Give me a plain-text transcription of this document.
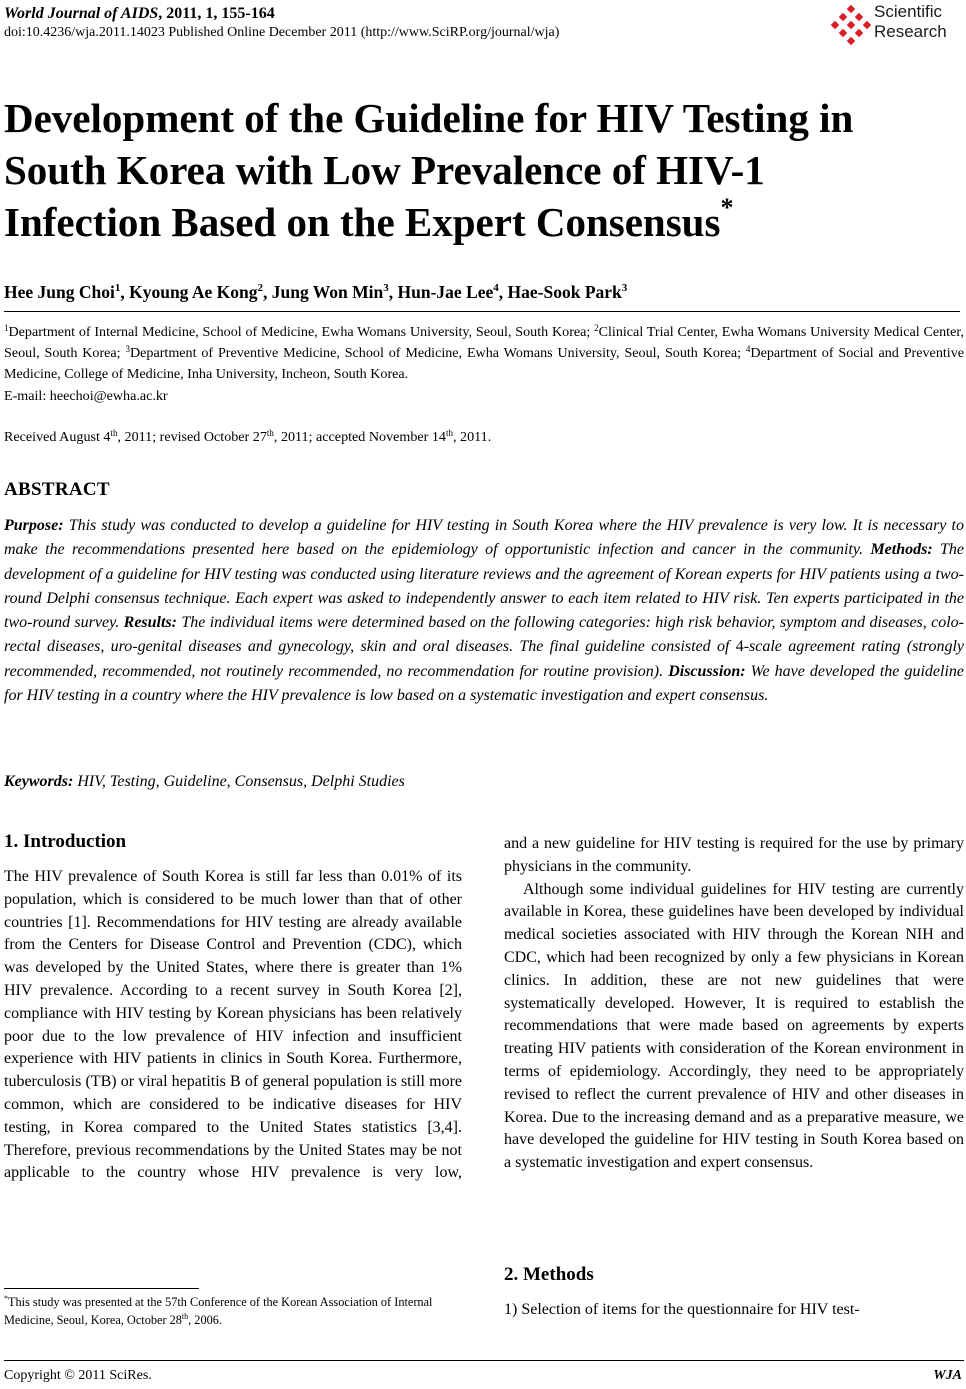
World Journal of AIDS, 2011, 1, 155-164
doi:10.4236/wja.2011.14023 Published Online December 2011 (http://www.SciRP.org/journal/wja)
Scientific
Research
Development of the Guideline for HIV Testing in
South Korea with Low Prevalence of HIV-1
Infection Based on the Expert Consensus*
Hee Jung Choi$^1$, Kyoung Ae Kong$^2$, Jung Won Min$^3$, Hun-Jae Lee$^4$, Hae-Sook Park$^3$
$^1$Department of Internal Medicine, School of Medicine, Ewha Womans University, Seoul, South Korea; $^2$Clinical Trial Center, Ewha Womans University Medical Center, Seoul, South Korea; $^3$Department of Preventive Medicine, School of Medicine, Ewha Womans University, Seoul, South Korea; $^4$Department of Social and Preventive Medicine, College of Medicine, Inha University, Incheon, South Korea.
E-mail: heechoi@ewha.ac.kr
Received August 4th, 2011; revised October 27th, 2011; accepted November 14th, 2011.
ABSTRACT
Purpose: This study was conducted to develop a guideline for HIV testing in South Korea where the HIV prevalence is very low. It is necessary to make the recommendations presented here based on the epidemiology of opportunistic infection and cancer in the community. Methods: The development of a guideline for HIV testing was conducted using literature reviews and the agreement of Korean experts for HIV patients using a two-round Delphi consensus technique. Each expert was asked to independently answer to each item related to HIV risk. Ten experts participated in the two-round survey. Results: The individual items were determined based on the following categories: high risk behavior, symptom and diseases, colo-rectal diseases, uro-genital diseases and gynecology, skin and oral diseases. The final guideline consisted of 4-scale agreement rating (strongly recommended, recommended, not routinely recommended, no recommendation for routine provision). Discussion: We have developed the guideline for HIV testing in a country where the HIV prevalence is low based on a systematic investigation and expert consensus.
Keywords: HIV, Testing, Guideline, Consensus, Delphi Studies
1. Introduction

The HIV prevalence of South Korea is still far less than 0.01% of its population, which is considered to be much lower than that of other countries [1]. Recommendations for HIV testing are already available from the Centers for Disease Control and Prevention (CDC), which was developed by the United States, where there is greater than 1% HIV prevalence. According to a recent survey in South Korea [2], compliance with HIV testing by Korean physicians has been relatively poor due to the low prevalence of HIV infection and insufficient experience with HIV patients in clinics in South Korea. Furthermore, tuberculosis (TB) or viral hepatitis B of general population is still more common, which are considered to be indicative diseases for HIV testing, in Korea compared to the United States statistics [3,4]. Therefore, previous recommendations by the United States may be not applicable to the country whose HIV prevalence is very low,

and a new guideline for HIV testing is required for the use by primary physicians in the community.

Although some individual guidelines for HIV testing are currently available in Korea, these guidelines have been developed by individual medical societies associated with HIV through the Korean NIH and CDC, which had been recognized by only a few physicians in Korean clinics. In addition, these are not new guidelines that were systematically developed. However, It is required to establish the recommendations that were made based on agreements by experts treating HIV patients with consideration of the Korean environment in terms of epidemiology. Accordingly, they need to be appropriately revised to reflect the current prevalence of HIV and other diseases in Korea. Due to the increasing demand and as a preparative measure, we have developed the guideline for HIV testing in South Korea based on a systematic investigation and expert consensus.

2. Methods
1) Selection of items for the questionnaire for HIV test-
*This study was presented at the 57th Conference of the Korean Association of Internal Medicine, Seoul, Korea, October 28th, 2006.
Copyright © 2011 SciRes.	WJA
